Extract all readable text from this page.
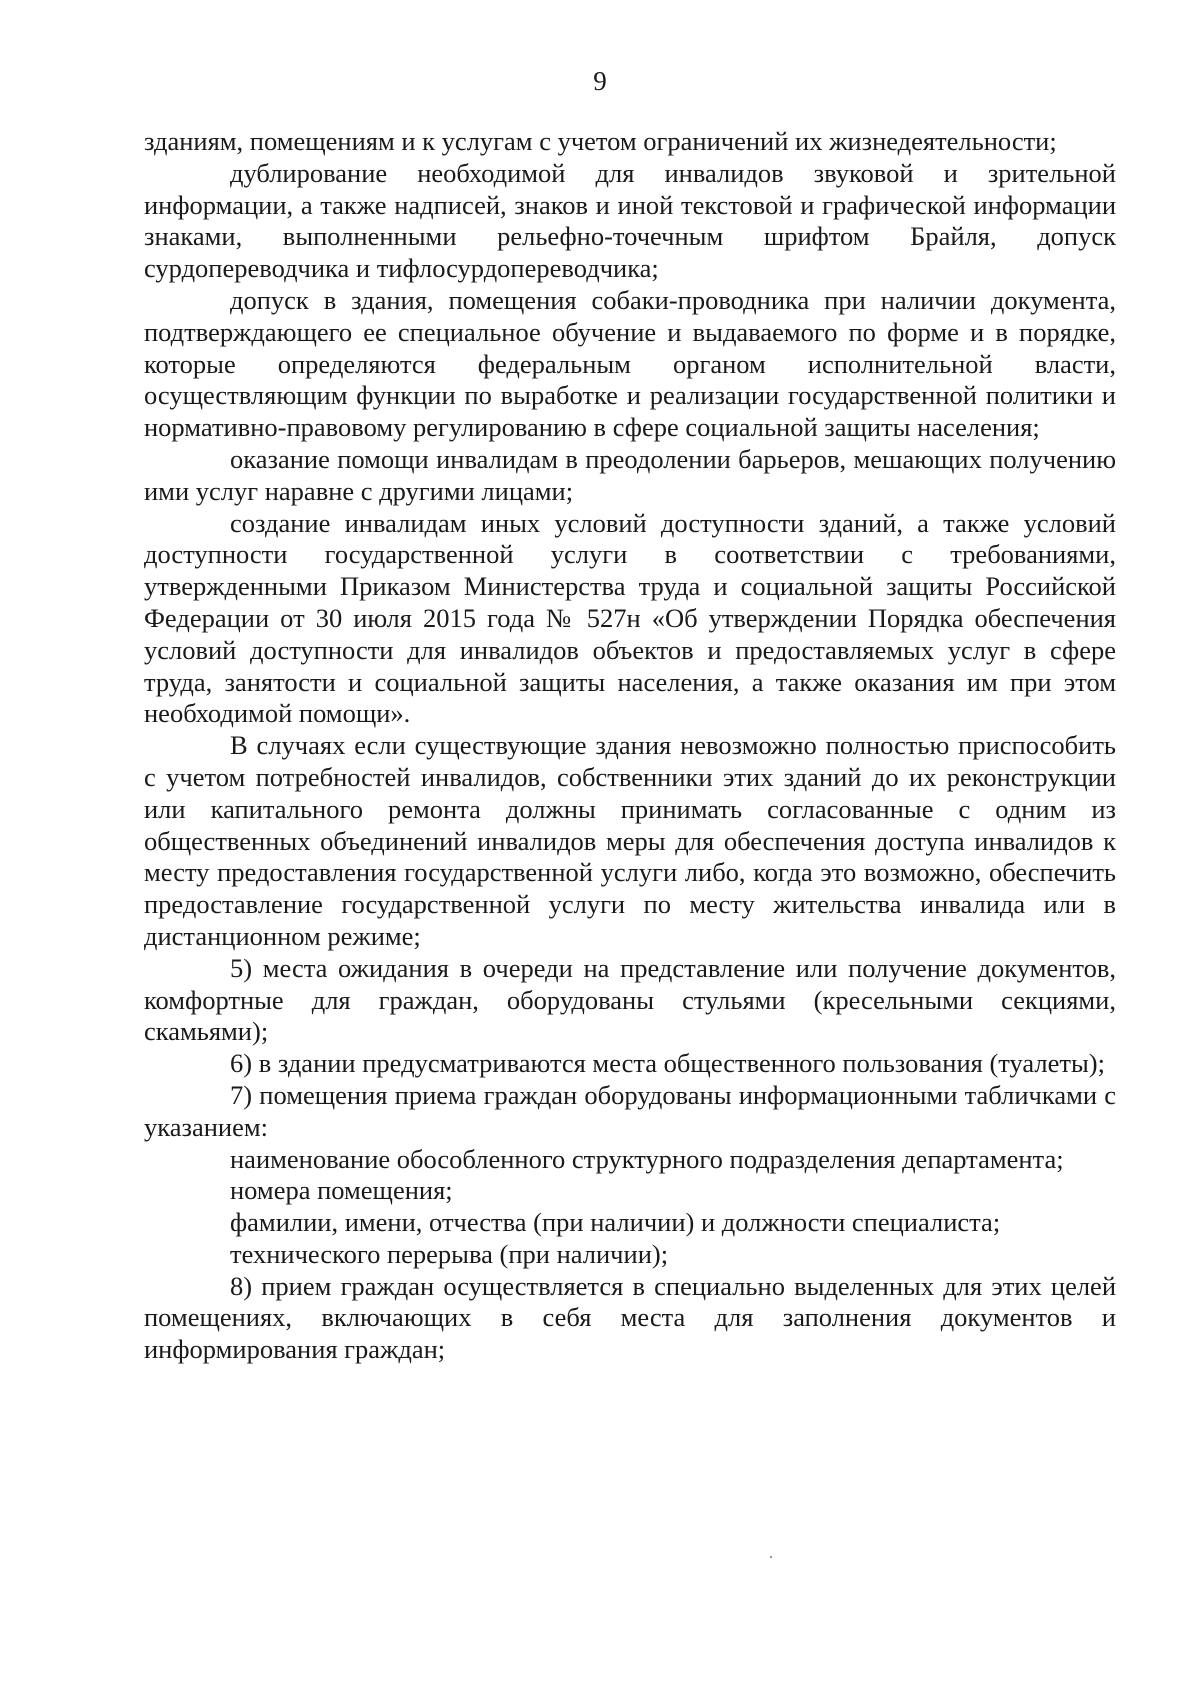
9

зданиям, помещениям и к услугам с учетом ограничений их жизнедеятельности;

дублирование необходимой для инвалидов звуковой и зрительной информации, а также надписей, знаков и иной текстовой и графической информации знаками, выполненными рельефно-точечным шрифтом Брайля, допуск сурдопереводчика и тифлосурдопереводчика;

допуск в здания, помещения собаки-проводника при наличии документа, подтверждающего ее специальное обучение и выдаваемого по форме и в порядке, которые определяются федеральным органом исполнительной власти, осуществляющим функции по выработке и реализации государственной политики и нормативно-правовому регулированию в сфере социальной защиты населения;

оказание помощи инвалидам в преодолении барьеров, мешающих получению ими услуг наравне с другими лицами;

создание инвалидам иных условий доступности зданий, а также условий доступности государственной услуги в соответствии с требованиями, утвержденными Приказом Министерства труда и социальной защиты Российской Федерации от 30 июля 2015 года № 527н «Об утверждении Порядка обеспечения условий доступности для инвалидов объектов и предоставляемых услуг в сфере труда, занятости и социальной защиты населения, а также оказания им при этом необходимой помощи».

В случаях если существующие здания невозможно полностью приспособить с учетом потребностей инвалидов, собственники этих зданий до их реконструкции или капитального ремонта должны принимать согласованные с одним из общественных объединений инвалидов меры для обеспечения доступа инвалидов к месту предоставления государственной услуги либо, когда это возможно, обеспечить предоставление государственной услуги по месту жительства инвалида или в дистанционном режиме;

5) места ожидания в очереди на представление или получение документов, комфортные для граждан, оборудованы стульями (кресельными секциями, скамьями);

6) в здании предусматриваются места общественного пользования (туалеты);

7) помещения приема граждан оборудованы информационными табличками с указанием:

наименование обособленного структурного подразделения департамента;

номера помещения;

фамилии, имени, отчества (при наличии) и должности специалиста;

технического перерыва (при наличии);

8) прием граждан осуществляется в специально выделенных для этих целей помещениях, включающих в себя места для заполнения документов и информирования граждан;
